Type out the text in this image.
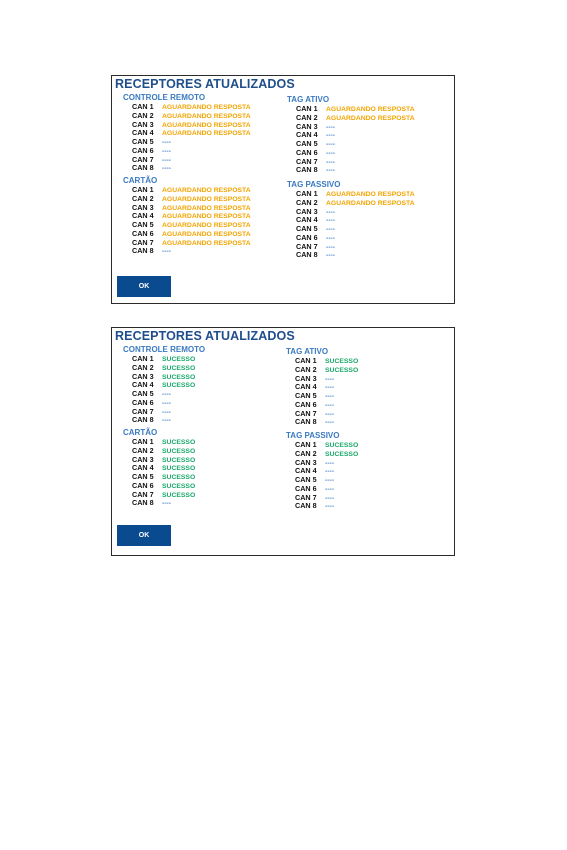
RECEPTORES ATUALIZADOS
CONTROLE REMOTO
CAN 1 AGUARDANDO RESPOSTA
CAN 2 AGUARDANDO RESPOSTA
CAN 3 AGUARDANDO RESPOSTA
CAN 4 AGUARDANDO RESPOSTA
CAN 5 ----
CAN 6 ----
CAN 7 ----
CAN 8 ----
CARTÃO
CAN 1 AGUARDANDO RESPOSTA
CAN 2 AGUARDANDO RESPOSTA
CAN 3 AGUARDANDO RESPOSTA
CAN 4 AGUARDANDO RESPOSTA
CAN 5 AGUARDANDO RESPOSTA
CAN 6 AGUARDANDO RESPOSTA
CAN 7 AGUARDANDO RESPOSTA
CAN 8 ----
TAG ATIVO
CAN 1 AGUARDANDO RESPOSTA
CAN 2 AGUARDANDO RESPOSTA
CAN 3 ----
CAN 4 ----
CAN 5 ----
CAN 6 ----
CAN 7 ----
CAN 8 ----
TAG PASSIVO
CAN 1 AGUARDANDO RESPOSTA
CAN 2 AGUARDANDO RESPOSTA
CAN 3 ----
CAN 4 ----
CAN 5 ----
CAN 6 ----
CAN 7 ----
CAN 8 ----
OK
RECEPTORES ATUALIZADOS
CONTROLE REMOTO
CAN 1 SUCESSO
CAN 2 SUCESSO
CAN 3 SUCESSO
CAN 4 SUCESSO
CAN 5 ----
CAN 6 ----
CAN 7 ----
CAN 8 ----
CARTÃO
CAN 1 SUCESSO
CAN 2 SUCESSO
CAN 3 SUCESSO
CAN 4 SUCESSO
CAN 5 SUCESSO
CAN 6 SUCESSO
CAN 7 SUCESSO
CAN 8 ----
TAG ATIVO
CAN 1 SUCESSO
CAN 2 SUCESSO
CAN 3 ----
CAN 4 ----
CAN 5 ----
CAN 6 ----
CAN 7 ----
CAN 8 ----
TAG PASSIVO
CAN 1 SUCESSO
CAN 2 SUCESSO
CAN 3 ----
CAN 4 ----
CAN 5 ----
CAN 6 ----
CAN 7 ----
CAN 8 ----
OK
